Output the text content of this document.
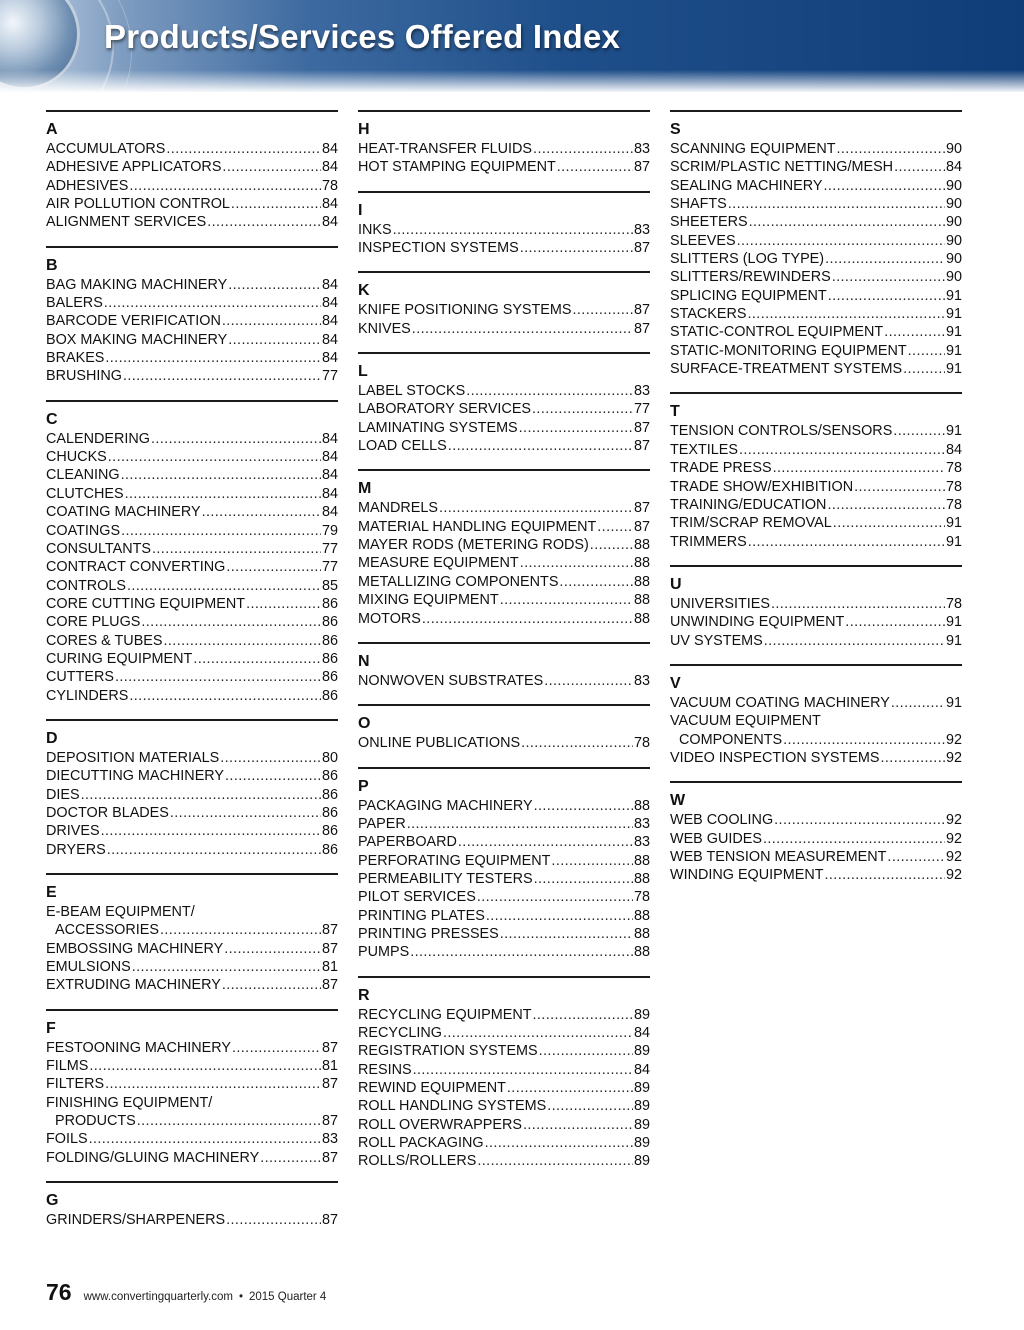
Products/Services Offered Index
A
ACCUMULATORS .....	84
ADHESIVE APPLICATORS .....	84
ADHESIVES .....	78
AIR POLLUTION CONTROL .....	84
ALIGNMENT SERVICES .....	84
B
BAG MAKING MACHINERY .....	84
BALERS .....	84
BARCODE VERIFICATION .....	84
BOX MAKING MACHINERY .....	84
BRAKES .....	84
BRUSHING .....	77
C
CALENDERING .....	84
CHUCKS .....	84
CLEANING .....	84
CLUTCHES .....	84
COATING MACHINERY .....	84
COATINGS .....	79
CONSULTANTS .....	77
CONTRACT CONVERTING .....	77
CONTROLS .....	85
CORE CUTTING EQUIPMENT .....	86
CORE PLUGS .....	86
CORES & TUBES .....	86
CURING EQUIPMENT .....	86
CUTTERS .....	86
CYLINDERS .....	86
D
DEPOSITION MATERIALS .....	80
DIECUTTING MACHINERY .....	86
DIES .....	86
DOCTOR BLADES .....	86
DRIVES .....	86
DRYERS .....	86
E
E-BEAM EQUIPMENT/
ACCESSORIES .....	87
EMBOSSING MACHINERY .....	87
EMULSIONS .....	81
EXTRUDING MACHINERY .....	87
F
FESTOONING MACHINERY .....	87
FILMS .....	81
FILTERS .....	87
FINISHING EQUIPMENT/
PRODUCTS .....	87
FOILS .....	83
FOLDING/GLUING MACHINERY .....	87
G
GRINDERS/SHARPENERS .....	87
H
HEAT-TRANSFER FLUIDS .....	83
HOT STAMPING EQUIPMENT .....	87
I
INKS .....	83
INSPECTION SYSTEMS .....	87
K
KNIFE POSITIONING SYSTEMS .....	87
KNIVES .....	87
L
LABEL STOCKS .....	83
LABORATORY SERVICES .....	77
LAMINATING SYSTEMS .....	87
LOAD CELLS .....	87
M
MANDRELS .....	87
MATERIAL HANDLING EQUIPMENT .....	87
MAYER RODS (METERING RODS) .....	88
MEASURE EQUIPMENT .....	88
METALLIZING COMPONENTS .....	88
MIXING EQUIPMENT .....	88
MOTORS .....	88
N
NONWOVEN SUBSTRATES .....	83
O
ONLINE PUBLICATIONS .....	78
P
PACKAGING MACHINERY .....	88
PAPER .....	83
PAPERBOARD .....	83
PERFORATING EQUIPMENT .....	88
PERMEABILITY TESTERS .....	88
PILOT SERVICES .....	78
PRINTING PLATES .....	88
PRINTING PRESSES .....	88
PUMPS .....	88
R
RECYCLING EQUIPMENT .....	89
RECYCLING .....	84
REGISTRATION SYSTEMS .....	89
RESINS .....	84
REWIND EQUIPMENT .....	89
ROLL HANDLING SYSTEMS .....	89
ROLL OVERWRAPPERS .....	89
ROLL PACKAGING .....	89
ROLLS/ROLLERS .....	89
S
SCANNING EQUIPMENT .....	90
SCRIM/PLASTIC NETTING/MESH .....	84
SEALING MACHINERY .....	90
SHAFTS .....	90
SHEETERS .....	90
SLEEVES .....	90
SLITTERS (LOG TYPE) .....	90
SLITTERS/REWINDERS .....	90
SPLICING EQUIPMENT .....	91
STACKERS .....	91
STATIC-CONTROL EQUIPMENT .....	91
STATIC-MONITORING EQUIPMENT .....	91
SURFACE-TREATMENT SYSTEMS .....	91
T
TENSION CONTROLS/SENSORS .....	91
TEXTILES .....	84
TRADE PRESS .....	78
TRADE SHOW/EXHIBITION .....	78
TRAINING/EDUCATION .....	78
TRIM/SCRAP REMOVAL .....	91
TRIMMERS .....	91
U
UNIVERSITIES .....	78
UNWINDING EQUIPMENT .....	91
UV SYSTEMS .....	91
V
VACUUM COATING MACHINERY .....	91
VACUUM EQUIPMENT
COMPONENTS .....	92
VIDEO INSPECTION SYSTEMS .....	92
W
WEB COOLING .....	92
WEB GUIDES .....	92
WEB TENSION MEASUREMENT .....	92
WINDING EQUIPMENT .....	92
76 www.convertingquarterly.com • 2015 Quarter 4
